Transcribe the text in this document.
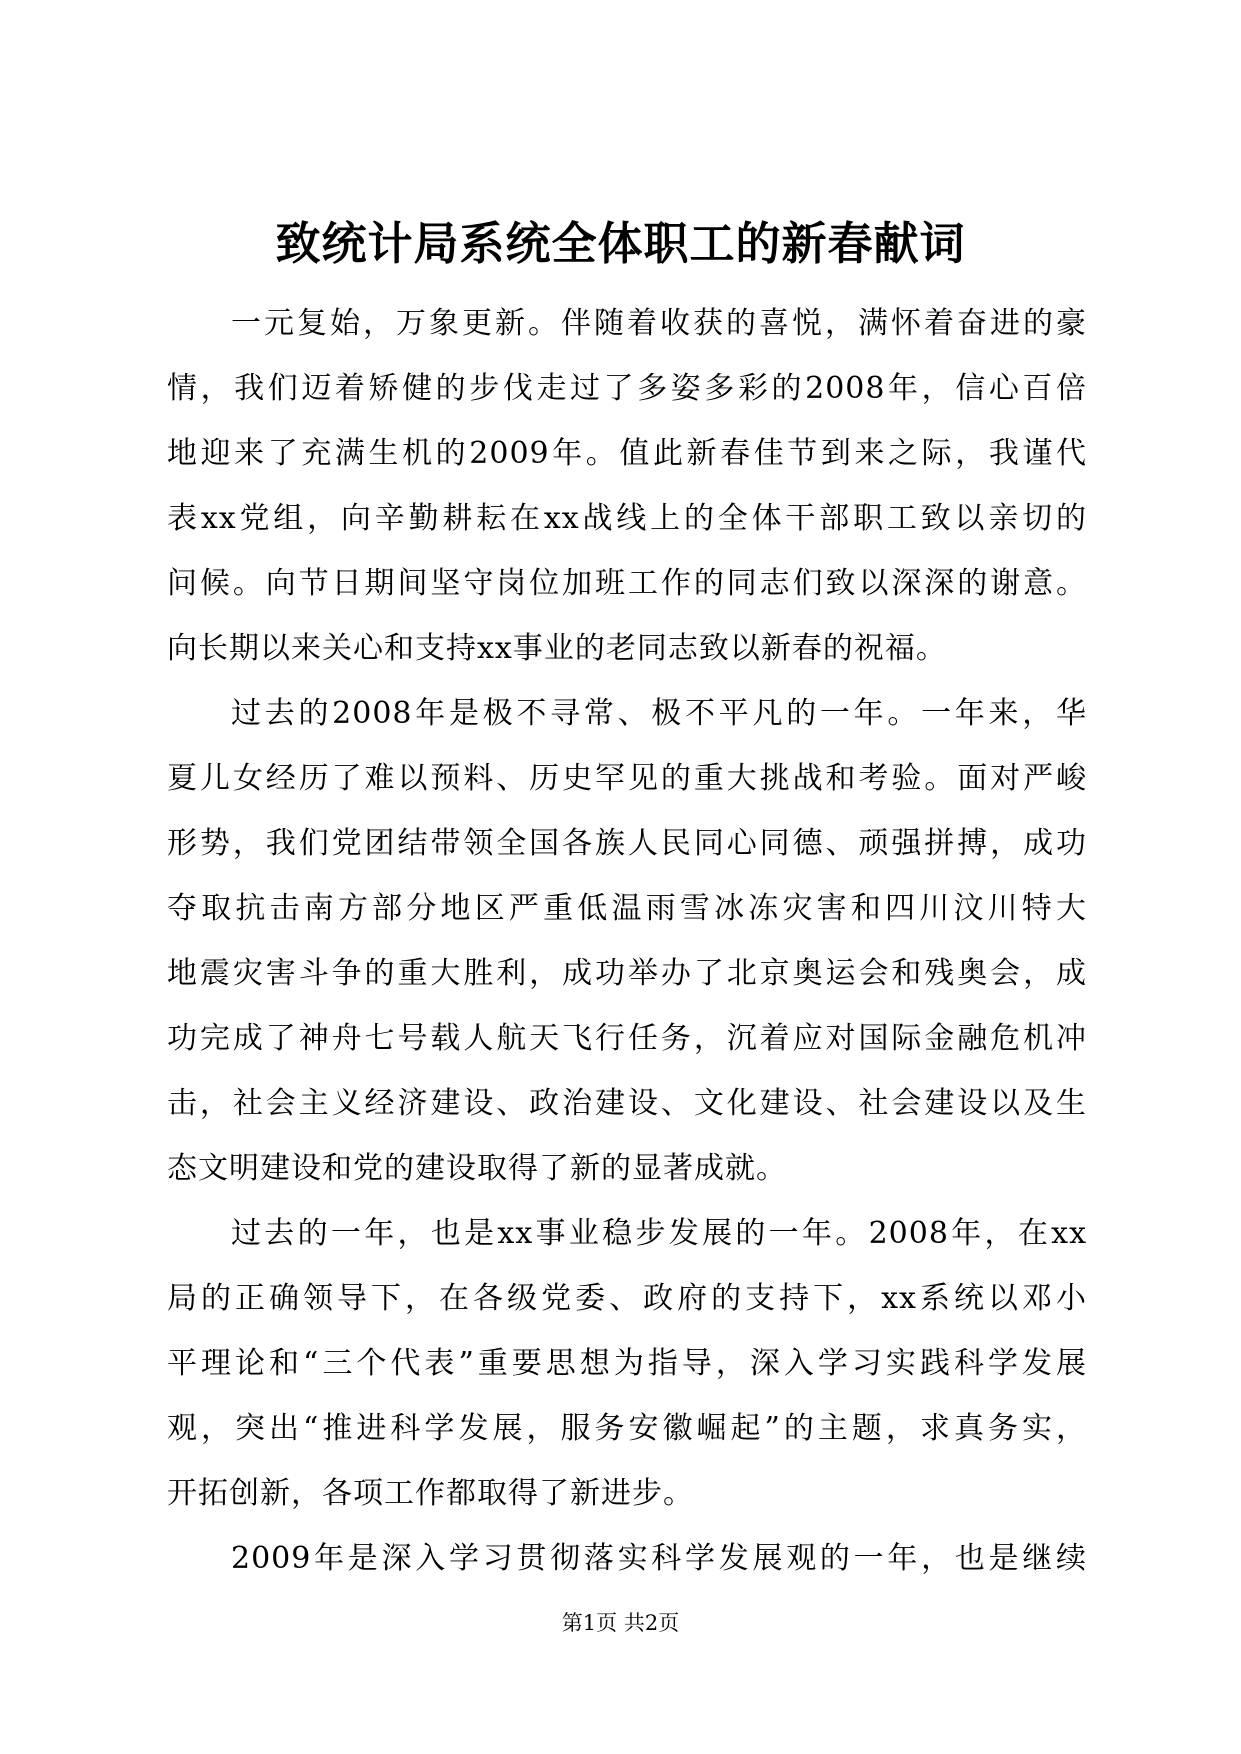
致统计局系统全体职工的新春献词
一元复始，万象更新。伴随着收获的喜悦，满怀着奋进的豪
情，我们迈着矫健的步伐走过了多姿多彩的2008年，信心百倍
地迎来了充满生机的2009年。值此新春佳节到来之际，我谨代
表xx党组，向辛勤耕耘在xx战线上的全体干部职工致以亲切的
问候。向节日期间坚守岗位加班工作的同志们致以深深的谢意。
向长期以来关心和支持xx事业的老同志致以新春的祝福。
过去的2008年是极不寻常、极不平凡的一年。一年来，华
夏儿女经历了难以预料、历史罕见的重大挑战和考验。面对严峻
形势，我们党团结带领全国各族人民同心同德、顽强拼搏，成功
夺取抗击南方部分地区严重低温雨雪冰冻灾害和四川汶川特大
地震灾害斗争的重大胜利，成功举办了北京奥运会和残奥会，成
功完成了神舟七号载人航天飞行任务，沉着应对国际金融危机冲
击，社会主义经济建设、政治建设、文化建设、社会建设以及生
态文明建设和党的建设取得了新的显著成就。
过去的一年，也是xx事业稳步发展的一年。2008年，在xx
局的正确领导下，在各级党委、政府的支持下，xx系统以邓小
平理论和“三个代表”重要思想为指导，深入学习实践科学发展
观，突出“推进科学发展，服务安徽崛起”的主题，求真务实，
开拓创新，各项工作都取得了新进步。
2009年是深入学习贯彻落实科学发展观的一年，也是继续
第1页 共2页
